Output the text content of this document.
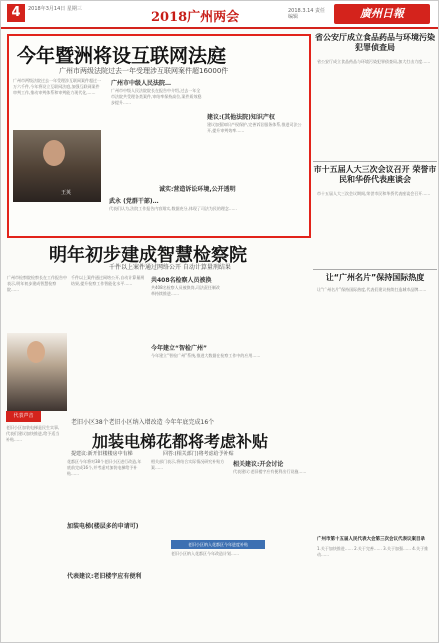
4	2018年3月14日 星期三
2018广州两会	2018.3.14 责任编辑	廣州日報
今年暨洲将设互联网法庭
广州市两级法院过去一年受理涉互联网案件超16000件
广州市两级法院过去一年受理涉互联网案件超过一万六千件,今年将设立互联网法庭,加强互联网案件审判工作,推动审判体系和审判能力现代化,……
王英
广州市中级人民法院…
广州市中级人民法院院长在报告中介绍,过去一年全市法院共受理各类案件,审结率保持高位,案件质效稳步提升……
建议:(其他法院)知识产权
建议加强知识产权保护,完善诉讼服务体系,推进司法公开,提升审判效率……
诚实:营造诉讼环境,公开透明
武永 (党群干部)…
代表们认为,法院工作报告内容翔实,数据充分,体现了司法为民的理念……
明年初步建成智慧检察院
千件以上案件通过网络公开 自动计算量刑结果
广州市检察院检察长在工作报告中表示,明年初步建成智慧检察院……
千件以上案件通过网络公开,自动计算量刑结果,提升检察工作智能化水平……	共408名检察人员被换
共408名检察人员被换岗,司法责任制改革持续推进……
今年建立“智检广州”
今年建立“智检广州”系统,推进大数据在检察工作中的应用……
代表声音
老旧小区38个老旧小区纳入增改造 今年年底完成16个
加装电梯花都将考虑补贴
提建议:新开旧楼楼房中有梯	回答:(相关部门)将考虑给予补贴
老旧小区加装电梯是民生实事,代表们建议加快推进,给予适当补贴……
花都区今年将对38个老旧小区进行改造,年底前完成16个,并考虑对加装电梯给予补贴……
加装电梯(楼层多的申请可)
代表建议:老旧楼宇应有便利
相关部门表示,将结合实际情况研究补贴方案……
老旧小区纳入花都区今年进度补贴
老旧小区纳入花都区今年改造计划……
相关建议:开会讨论
代表建议:老旧楼宇应有便利出行设施……
省公安厅成立食品药品与环境污染犯罪侦查局
省公安厅成立食品药品与环境污染犯罪侦查局,加大打击力度……
市十五届人大三次会议召开 荣誉市民和华侨代表座谈会
市十五届人大三次会议期间,荣誉市民和华侨代表座谈会召开……
让“广州名片”保持国际热度
让“广州名片”保持国际热度,代表们建议持续打造城市品牌……
广州市第十五届人民代表大会第三次会议代表议案目录
1.关于加快推进…… 2.关于完善…… 3.关于加强…… 4.关于推动……
